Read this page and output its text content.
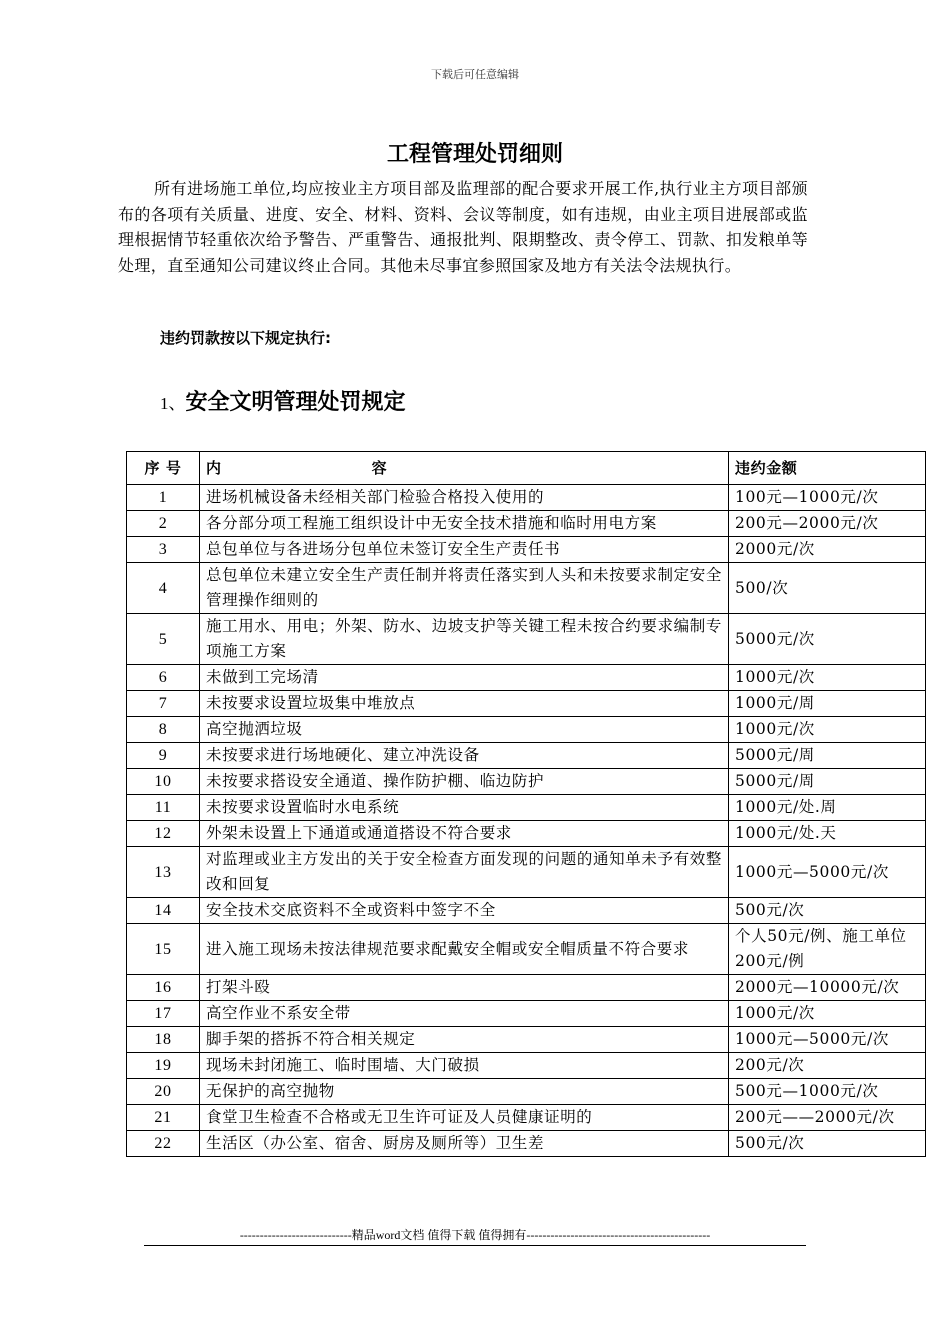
下载后可任意编辑
工程管理处罚细则
所有进场施工单位,均应按业主方项目部及监理部的配合要求开展工作,执行业主方项目部颁布的各项有关质量、进度、安全、材料、资料、会议等制度，如有违规，由业主项目进展部或监理根据情节轻重依次给予警告、严重警告、通报批判、限期整改、责令停工、罚款、扣发粮单等处理，直至通知公司建议终止合同。其他未尽事宜参照国家及地方有关法令法规执行。
违约罚款按以下规定执行:
1、安全文明管理处罚规定
序 号	内 容	违约金额
1	进场机械设备未经相关部门检验合格投入使用的	100元—1000元/次
2	各分部分项工程施工组织设计中无安全技术措施和临时用电方案	200元—2000元/次
3	总包单位与各进场分包单位未签订安全生产责任书	2000元/次
4	总包单位未建立安全生产责任制并将责任落实到人头和未按要求制定安全管理操作细则的	500/次
5	施工用水、用电；外架、防水、边坡支护等关键工程未按合约要求编制专项施工方案	5000元/次
6	未做到工完场清	1000元/次
7	未按要求设置垃圾集中堆放点	1000元/周
8	高空抛洒垃圾	1000元/次
9	未按要求进行场地硬化、建立冲洗设备	5000元/周
10	未按要求搭设安全通道、操作防护棚、临边防护	5000元/周
11	未按要求设置临时水电系统	1000元/处.周
12	外架未设置上下通道或通道搭设不符合要求	1000元/处.天
13	对监理或业主方发出的关于安全检查方面发现的问题的通知单未予有效整改和回复	1000元—5000元/次
14	安全技术交底资料不全或资料中签字不全	500元/次
15	进入施工现场未按法律规范要求配戴安全帽或安全帽质量不符合要求	个人50元/例、施工单位200元/例
16	打架斗殴	2000元—10000元/次
17	高空作业不系安全带	1000元/次
18	脚手架的搭拆不符合相关规定	1000元—5000元/次
19	现场未封闭施工、临时围墙、大门破损	200元/次
20	无保护的高空抛物	500元—1000元/次
21	食堂卫生检查不合格或无卫生许可证及人员健康证明的	200元——2000元/次
22	生活区（办公室、宿舍、厨房及厕所等）卫生差	500元/次
----------------------------精品word文档 值得下载 值得拥有----------------------------------------------
